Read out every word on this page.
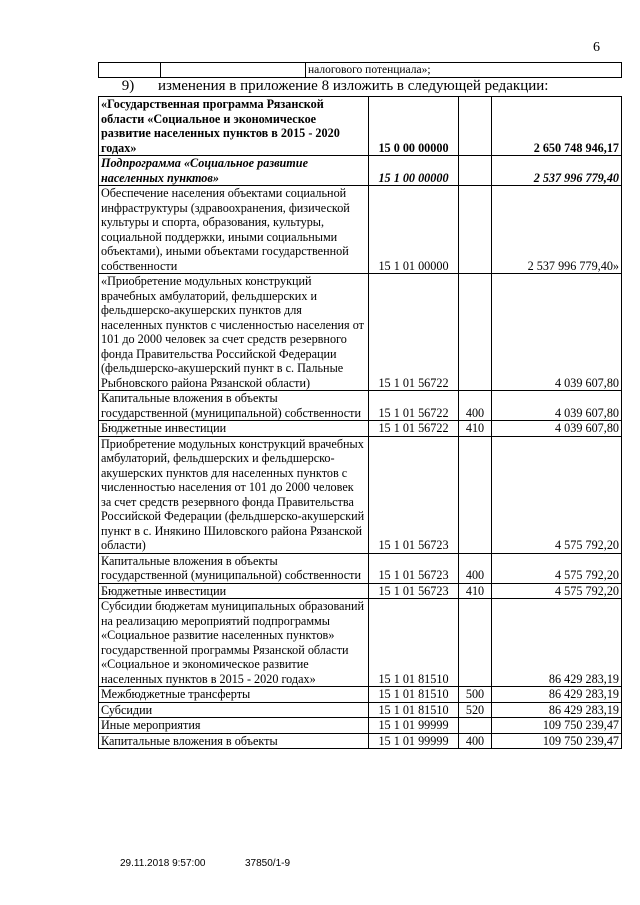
6
		налогового потенциала»;
9) изменения в приложение 8 изложить в следующей редакции:
«Государственная программа Рязанской области «Социальное и экономическое развитие населенных пунктов в 2015 - 2020 годах»	15 0 00 00000		2 650 748 946,17
Подпрограмма «Социальное развитие населенных пунктов»	15 1 00 00000		2 537 996 779,40
Обеспечение населения объектами социальной инфраструктуры (здравоохранения, физической культуры и спорта, образования, культуры, социальной поддержки, иными социальными объектами), иными объектами государственной собственности	15 1 01 00000		2 537 996 779,40»
«Приобретение модульных конструкций врачебных амбулаторий, фельдшерских и фельдшерско-акушерских пунктов для населенных пунктов с численностью населения от 101 до 2000 человек за счет средств резервного фонда Правительства Российской Федерации (фельдшерско-акушерский пункт в с. Пальные Рыбновского района Рязанской области)	15 1 01 56722		4 039 607,80
Капитальные вложения в объекты государственной (муниципальной) собственности	15 1 01 56722	400	4 039 607,80
Бюджетные инвестиции	15 1 01 56722	410	4 039 607,80
Приобретение модульных конструкций врачебных амбулаторий, фельдшерских и фельдшерско-акушерских пунктов для населенных пунктов с численностью населения от 101 до 2000 человек за счет средств резервного фонда Правительства Российской Федерации (фельдшерско-акушерский пункт в с. Инякино Шиловского района Рязанской области)	15 1 01 56723		4 575 792,20
Капитальные вложения в объекты государственной (муниципальной) собственности	15 1 01 56723	400	4 575 792,20
Бюджетные инвестиции	15 1 01 56723	410	4 575 792,20
Субсидии бюджетам муниципальных образований на реализацию мероприятий подпрограммы «Социальное развитие населенных пунктов» государственной программы Рязанской области «Социальное и экономическое развитие населенных пунктов в 2015 - 2020 годах»	15 1 01 81510		86 429 283,19
Межбюджетные трансферты	15 1 01 81510	500	86 429 283,19
Субсидии	15 1 01 81510	520	86 429 283,19
Иные мероприятия	15 1 01 99999		109 750 239,47
Капитальные вложения в объекты	15 1 01 99999	400	109 750 239,47
29.11.2018 9:57:00	37850/1-9
